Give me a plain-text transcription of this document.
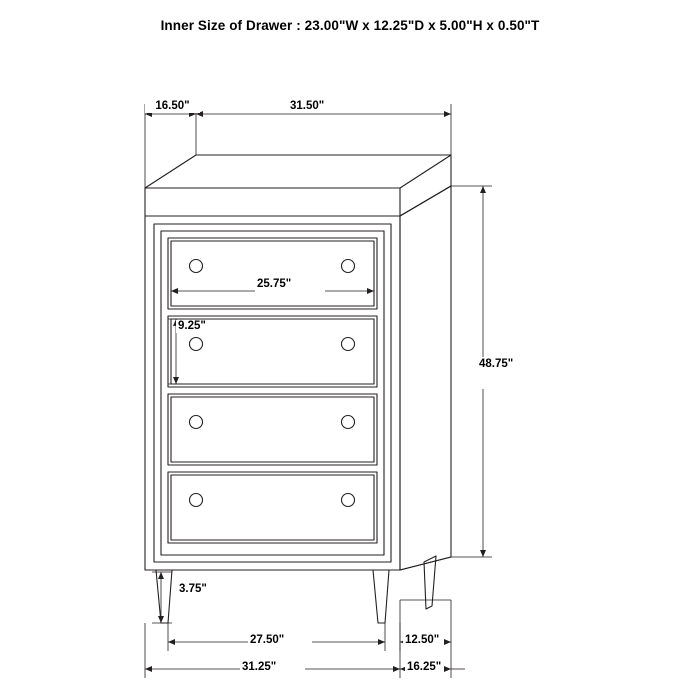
Inner Size of Drawer : 23.00"W x 12.25"D x 5.00"H x 0.50"T
16.50"	31.50"
25.75"
9.25"
48.75"
3.75"
27.50"
31.25"
12.50"
16.25"
